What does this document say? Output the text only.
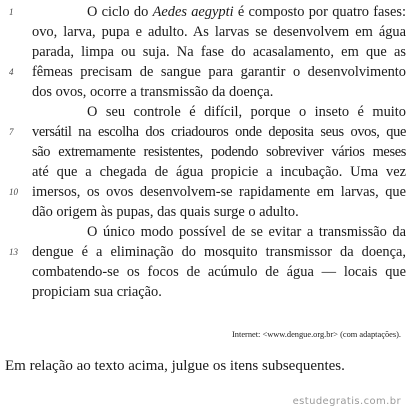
1
4
7
10
13
O ciclo do Aedes aegypti é composto por quatro fases:
ovo, larva, pupa e adulto. As larvas se desenvolvem em água
parada, limpa ou suja. Na fase do acasalamento, em que as
fêmeas precisam de sangue para garantir o desenvolvimento
dos ovos, ocorre a transmissão da doença.
O seu controle é difícil, porque o inseto é muito
versátil na escolha dos criadouros onde deposita seus ovos, que
são extremamente resistentes, podendo sobreviver vários meses
até que a chegada de água propicie a incubação. Uma vez
imersos, os ovos desenvolvem-se rapidamente em larvas, que
dão origem às pupas, das quais surge o adulto.
O único modo possível de se evitar a transmissão da
dengue é a eliminação do mosquito transmissor da doença,
combatendo-se os focos de acúmulo de água — locais que
propiciam sua criação.
Internet: <www.dengue.org.br> (com adaptações).
Em relação ao texto acima, julgue os itens subsequentes.
estudegratis.com.br
